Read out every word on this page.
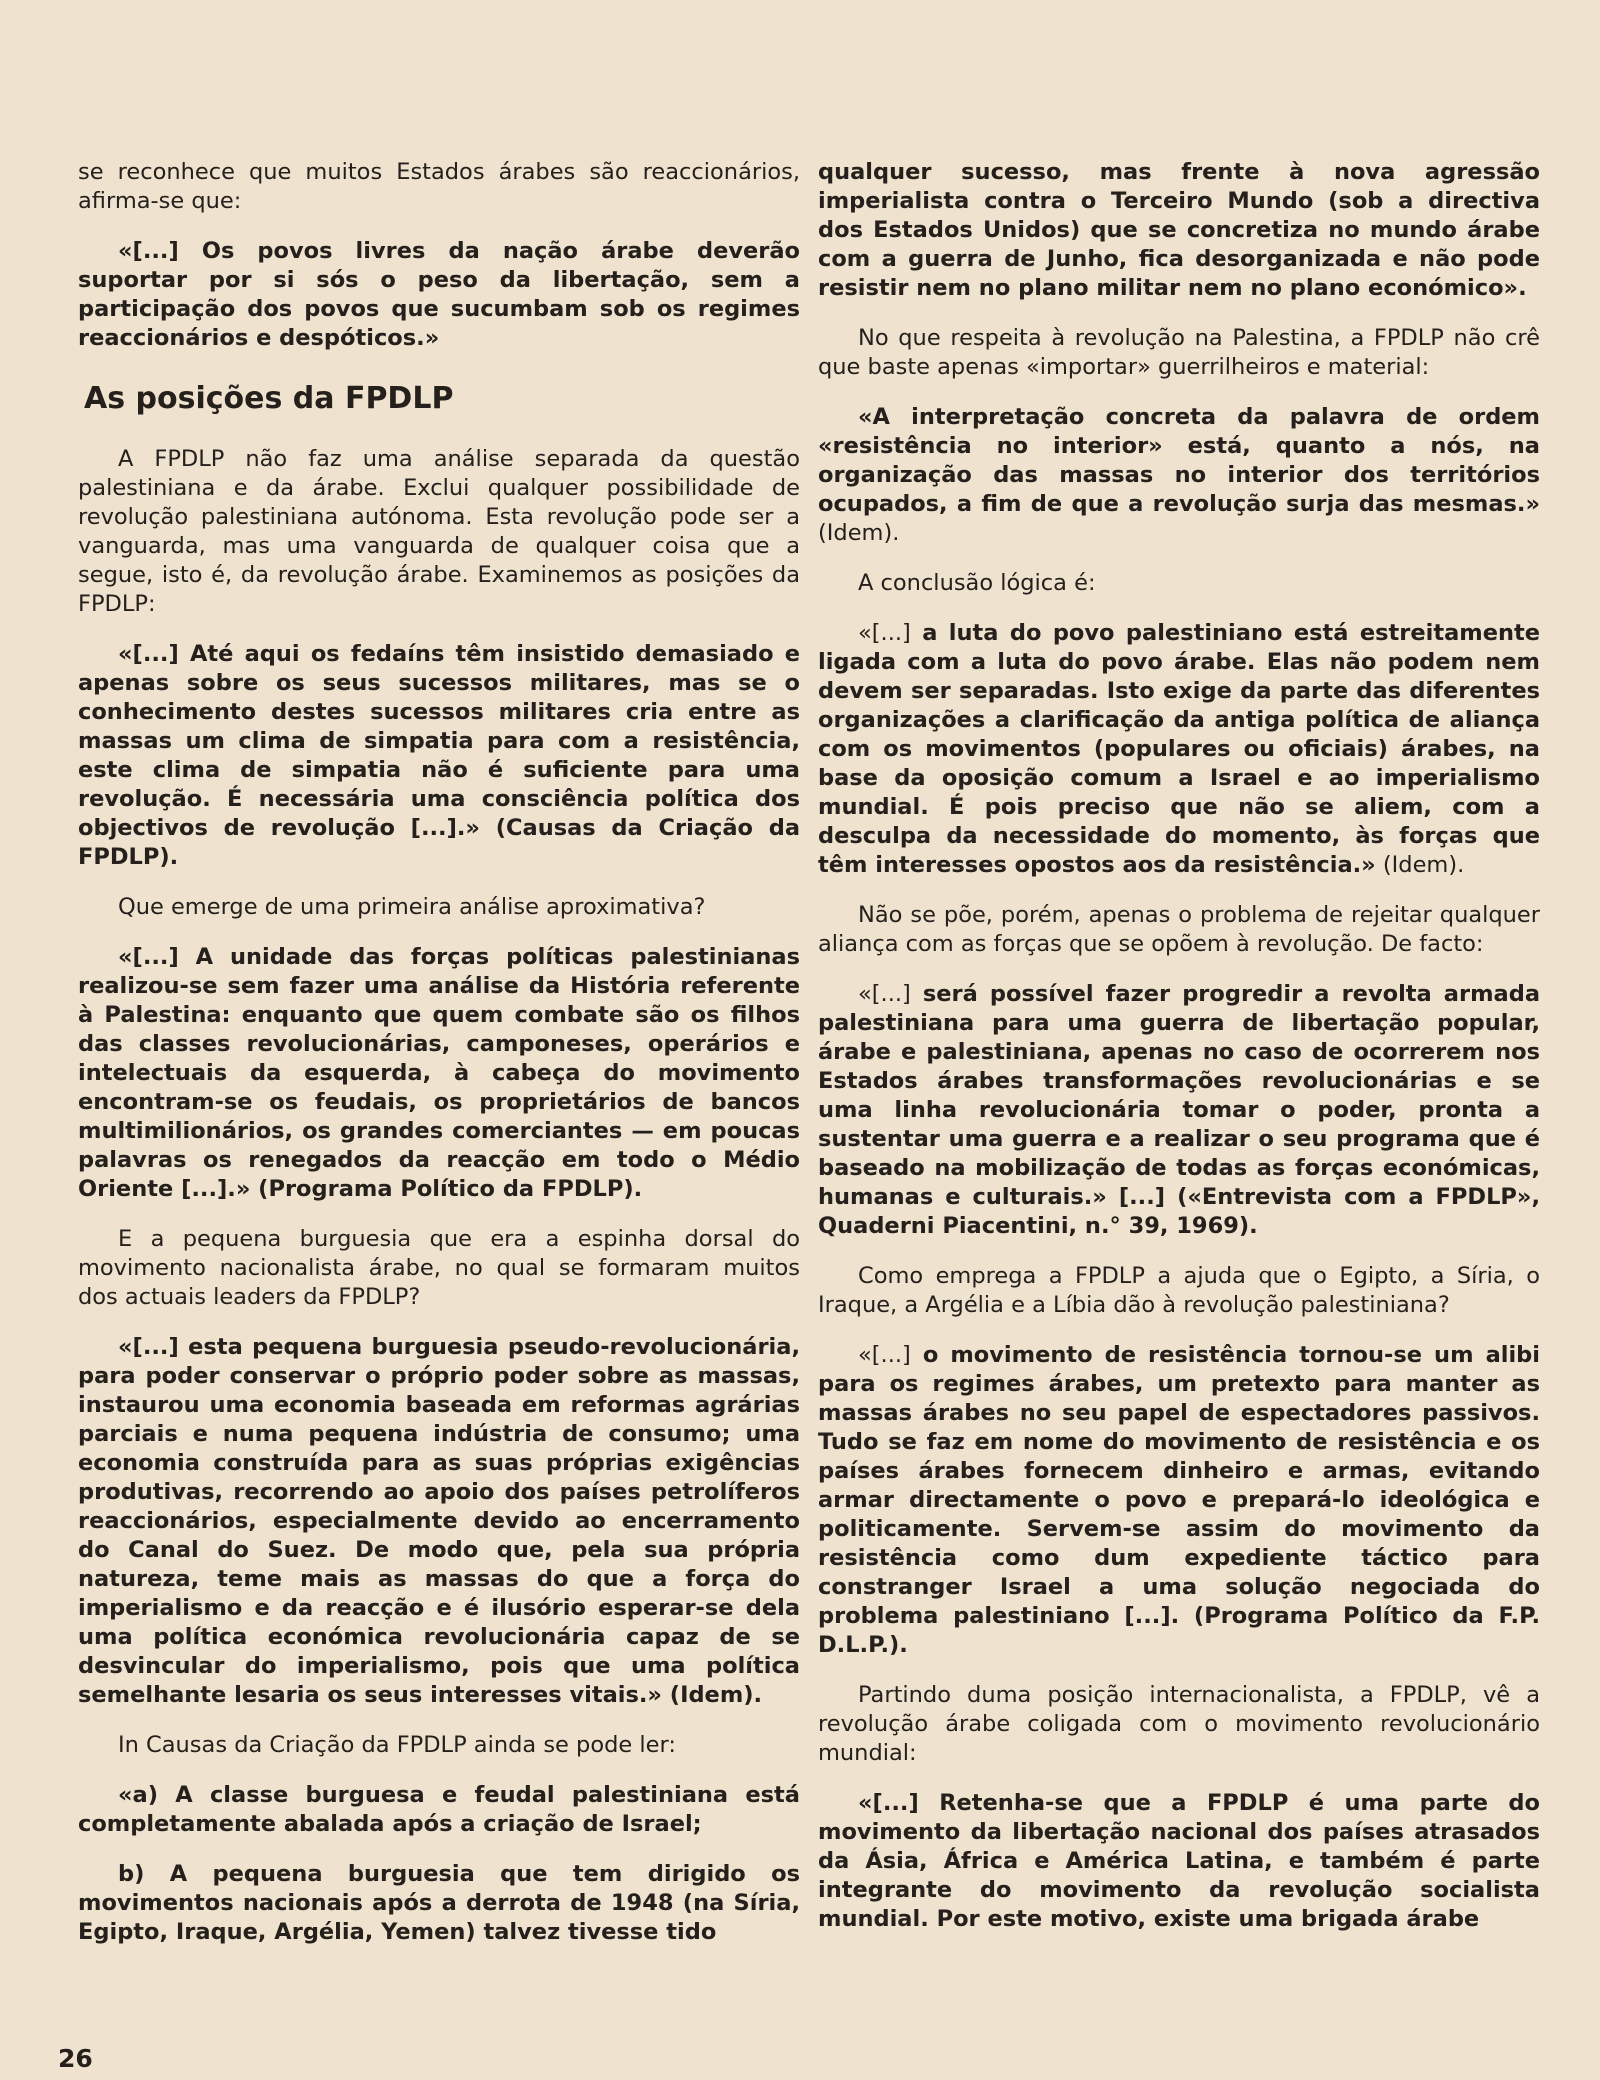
se reconhece que muitos Estados árabes são reaccionários, afirma-se que:

«[...] Os povos livres da nação árabe deverão suportar por si sós o peso da libertação, sem a participação dos povos que sucumbam sob os regimes reaccionários e despóticos.»

As posições da FPDLP

A FPDLP não faz uma análise separada da questão palestiniana e da árabe. Exclui qualquer possibilidade de revolução palestiniana autónoma. Esta revolução pode ser a vanguarda, mas uma vanguarda de qualquer coisa que a segue, isto é, da revolução árabe. Examinemos as posições da FPDLP:

«[...] Até aqui os fedaíns têm insistido demasiado e apenas sobre os seus sucessos militares, mas se o conhecimento destes sucessos militares cria entre as massas um clima de simpatia para com a resistência, este clima de simpatia não é suficiente para uma revolução. É necessária uma consciência política dos objectivos de revolução [...].» (Causas da Criação da FPDLP).

Que emerge de uma primeira análise aproximativa?

«[...] A unidade das forças políticas palestinianas realizou-se sem fazer uma análise da História referente à Palestina: enquanto que quem combate são os filhos das classes revolucionárias, camponeses, operários e intelectuais da esquerda, à cabeça do movimento encontram-se os feudais, os proprietários de bancos multimilionários, os grandes comerciantes — em poucas palavras os renegados da reacção em todo o Médio Oriente [...].» (Programa Político da FPDLP).

E a pequena burguesia que era a espinha dorsal do movimento nacionalista árabe, no qual se formaram muitos dos actuais leaders da FPDLP?

«[...] esta pequena burguesia pseudo-revolucionária, para poder conservar o próprio poder sobre as massas, instaurou uma economia baseada em reformas agrárias parciais e numa pequena indústria de consumo; uma economia construída para as suas próprias exigências produtivas, recorrendo ao apoio dos países petrolíferos reaccionários, especialmente devido ao encerramento do Canal do Suez. De modo que, pela sua própria natureza, teme mais as massas do que a força do imperialismo e da reacção e é ilusório esperar-se dela uma política económica revolucionária capaz de se desvincular do imperialismo, pois que uma política semelhante lesaria os seus interesses vitais.» (Idem).

In Causas da Criação da FPDLP ainda se pode ler:

«a) A classe burguesa e feudal palestiniana está completamente abalada após a criação de Israel;

b) A pequena burguesia que tem dirigido os movimentos nacionais após a derrota de 1948 (na Síria, Egipto, Iraque, Argélia, Yemen) talvez tivesse tido

qualquer sucesso, mas frente à nova agressão imperialista contra o Terceiro Mundo (sob a directiva dos Estados Unidos) que se concretiza no mundo árabe com a guerra de Junho, fica desorganizada e não pode resistir nem no plano militar nem no plano económico».

No que respeita à revolução na Palestina, a FPDLP não crê que baste apenas «importar» guerrilheiros e material:

«A interpretação concreta da palavra de ordem «resistência no interior» está, quanto a nós, na organização das massas no interior dos territórios ocupados, a fim de que a revolução surja das mesmas.» (Idem).

A conclusão lógica é:

«[...] a luta do povo palestiniano está estreitamente ligada com a luta do povo árabe. Elas não podem nem devem ser separadas. Isto exige da parte das diferentes organizações a clarificação da antiga política de aliança com os movimentos (populares ou oficiais) árabes, na base da oposição comum a Israel e ao imperialismo mundial. É pois preciso que não se aliem, com a desculpa da necessidade do momento, às forças que têm interesses opostos aos da resistência.» (Idem).

Não se põe, porém, apenas o problema de rejeitar qualquer aliança com as forças que se opõem à revolução. De facto:

«[...] será possível fazer progredir a revolta armada palestiniana para uma guerra de libertação popular, árabe e palestiniana, apenas no caso de ocorrerem nos Estados árabes transformações revolucionárias e se uma linha revolucionária tomar o poder, pronta a sustentar uma guerra e a realizar o seu programa que é baseado na mobilização de todas as forças económicas, humanas e culturais.» [...] («Entrevista com a FPDLP», Quaderni Piacentini, n.° 39, 1969).

Como emprega a FPDLP a ajuda que o Egipto, a Síria, o Iraque, a Argélia e a Líbia dão à revolução palestiniana?

«[...] o movimento de resistência tornou-se um alibi para os regimes árabes, um pretexto para manter as massas árabes no seu papel de espectadores passivos. Tudo se faz em nome do movimento de resistência e os países árabes fornecem dinheiro e armas, evitando armar directamente o povo e prepará-lo ideológica e politicamente. Servem-se assim do movimento da resistência como dum expediente táctico para constranger Israel a uma solução negociada do problema palestiniano [...]. (Programa Político da F.P. D.L.P.).

Partindo duma posição internacionalista, a FPDLP, vê a revolução árabe coligada com o movimento revolucionário mundial:

«[...] Retenha-se que a FPDLP é uma parte do movimento da libertação nacional dos países atrasados da Ásia, África e América Latina, e também é parte integrante do movimento da revolução socialista mundial. Por este motivo, existe uma brigada árabe

26
